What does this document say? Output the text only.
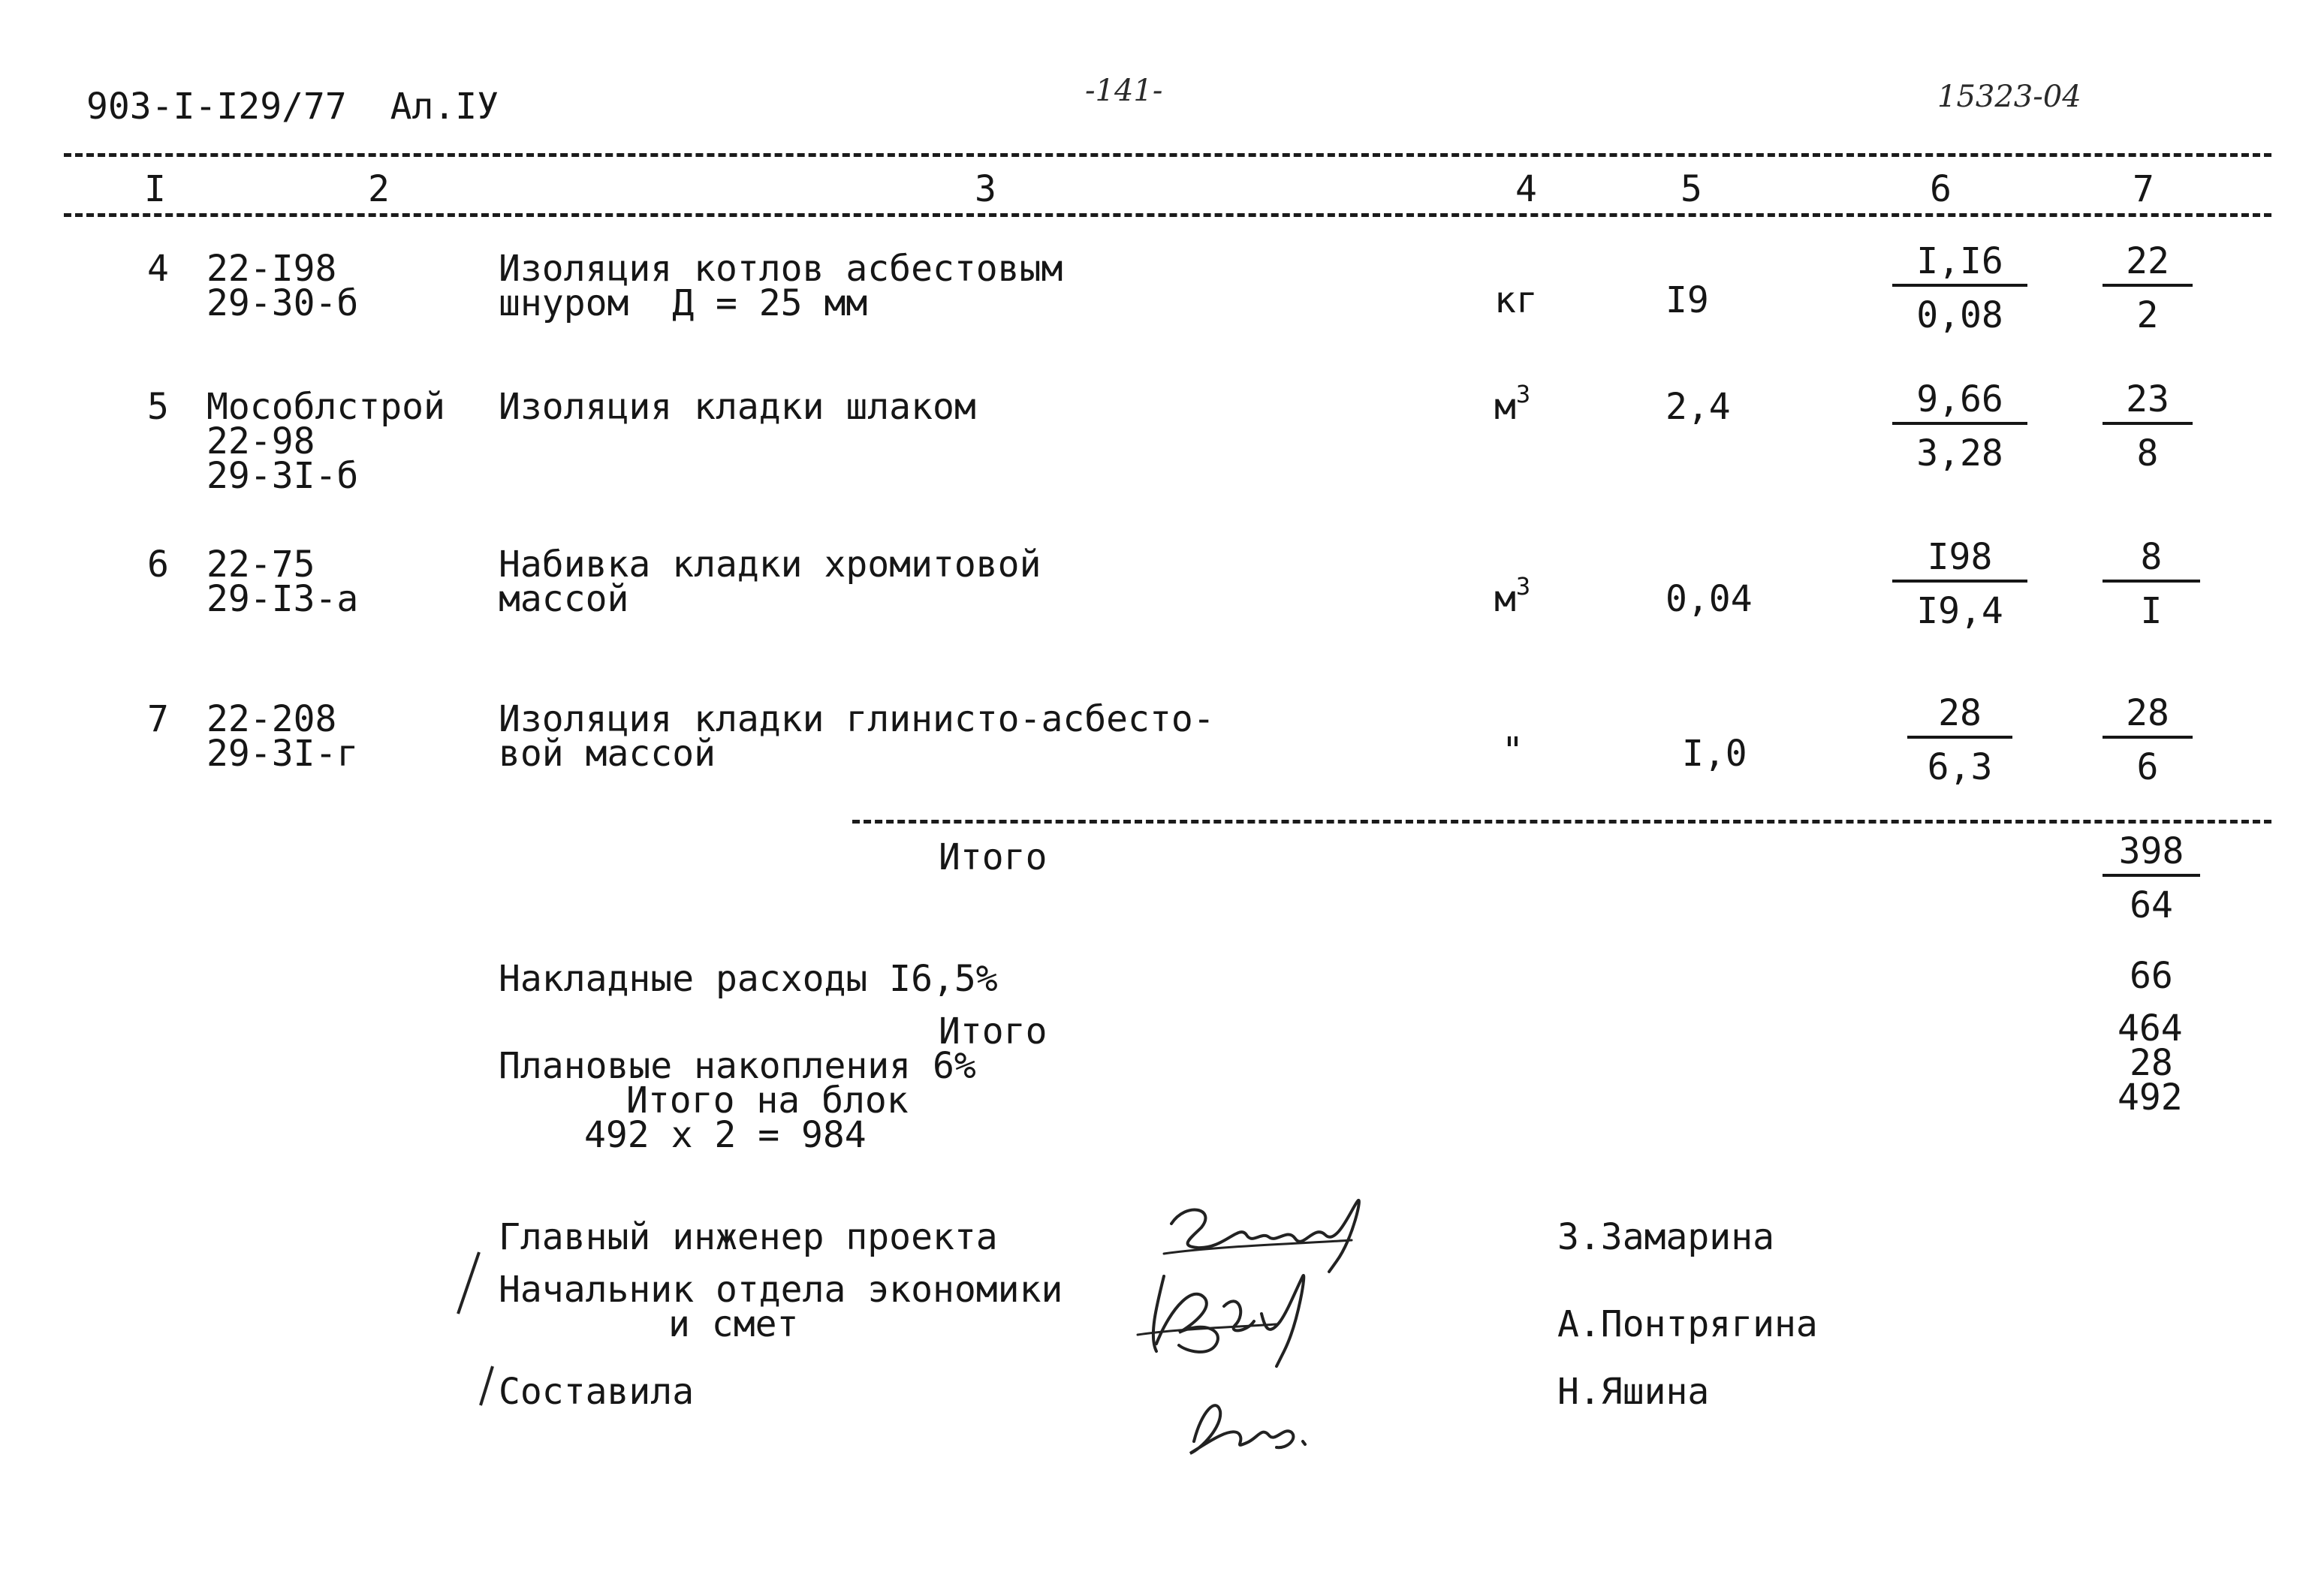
903-I-I29/77  Ал.IУ	-141-	15323-04
I	2	3	4	5	6	7
4 22-I98
29-30-б
Изоляция котлов асбестовым
шнуром  Д = 25 мм	кг	I9	$\frac{I,I6}{0,08} \frac{22}{2}$
5 Мособлстрой
22-98
29-3I-б
Изоляция кладки шлаком	$м^3$	2,4	$\frac{9,66}{3,28} \frac{23}{8}$
6 22-75
29-I3-а
Набивка кладки хромитовой
массой	$м^3$	0,04	$\frac{I98}{I9,4} \frac{8}{I}$
7 22-208
29-3I-г
Изоляция кладки глинисто-асбесто-
вой массой	"	I,0	$\frac{28}{6,3}$	$\frac{28}{6}$
Итого	$\frac{398}{64}$
Накладные расходы I6,5%	66
Итого	464
Плановые накопления 6%	28
Итого на блок	492
492 х 2 = 984
Главный инженер проекта	З.Замарина
Начальник отдела экономики
и смет	А.Понтрягина
Составила	Н.Яшина
